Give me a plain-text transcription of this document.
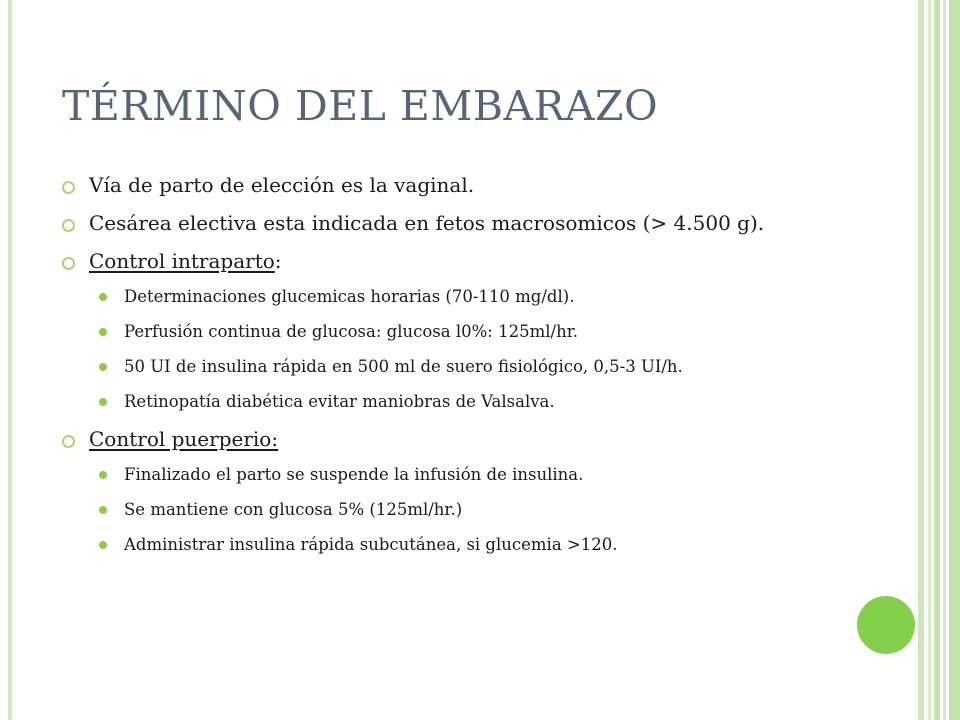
TÉRMINO DEL EMBARAZO
Vía de parto de elección es la vaginal.
Cesárea electiva esta indicada en fetos macrosomicos (> 4.500 g).
Control intraparto:
Determinaciones glucemicas horarias (70-110 mg/dl).
Perfusión continua de glucosa: glucosa l0%: 125ml/hr.
50 UI de insulina rápida en 500 ml de suero fisiológico, 0,5-3 UI/h.
Retinopatía diabética evitar maniobras de Valsalva.
Control puerperio:
Finalizado el parto se suspende la infusión de insulina.
Se mantiene con glucosa 5% (125ml/hr.)
Administrar insulina rápida subcutánea, si glucemia >120.
